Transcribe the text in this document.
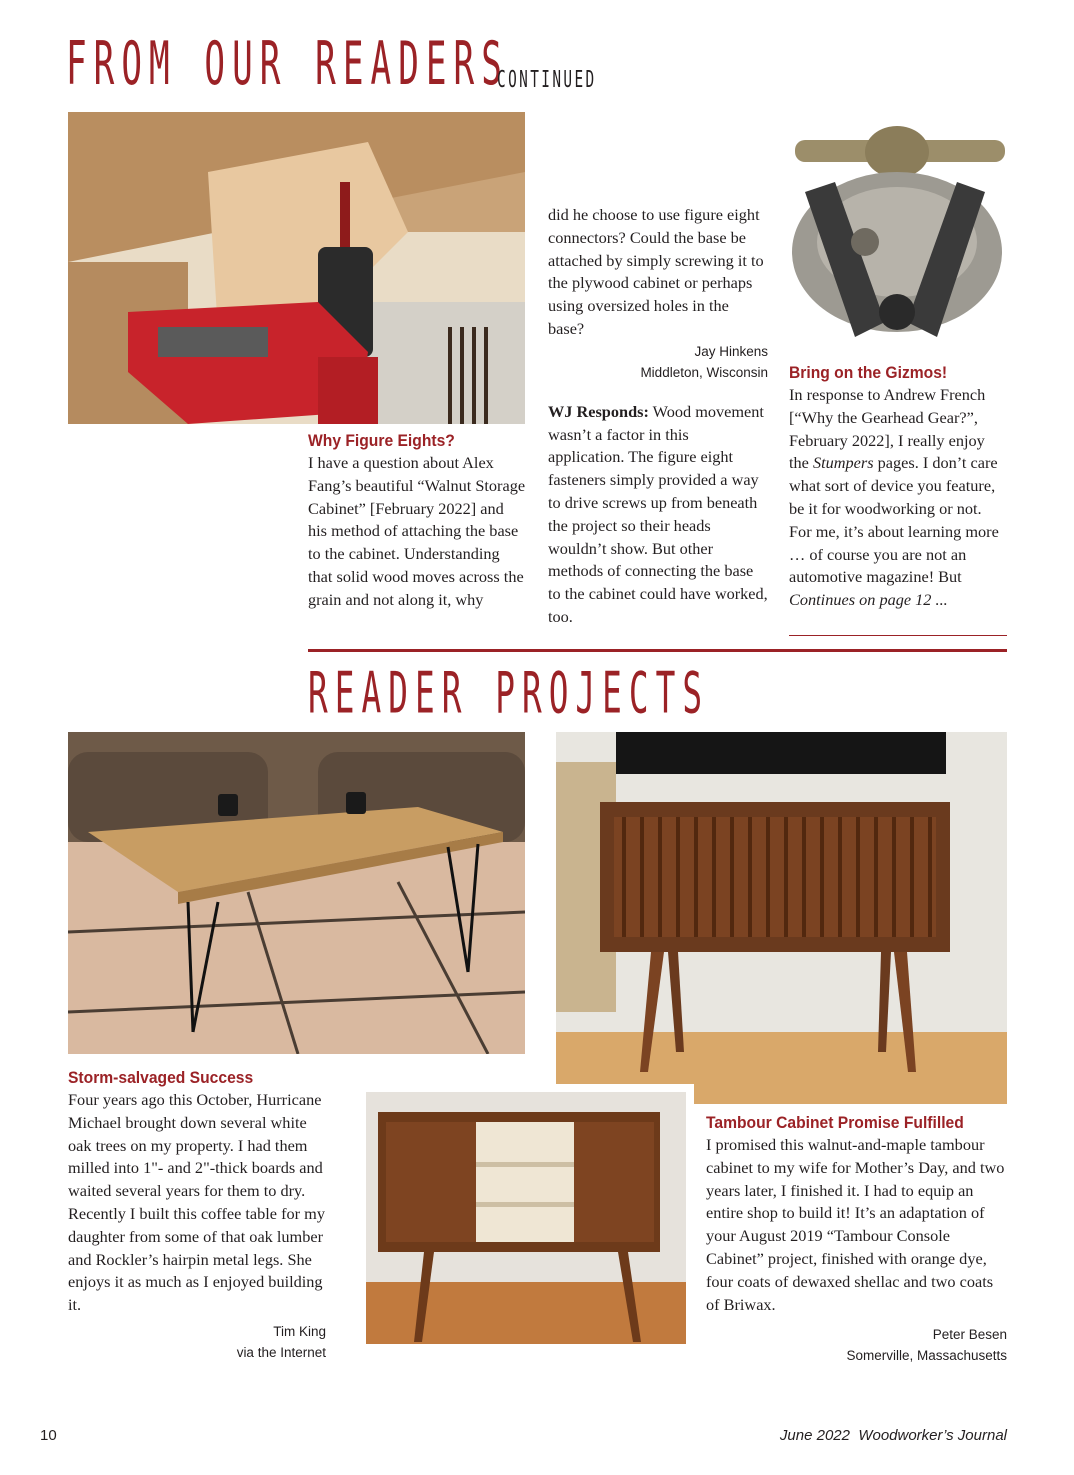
FROM OUR READERS
CONTINUED
Why Figure Eights?

I have a question about Alex Fang’s beautiful “Walnut Storage Cabinet” [February 2022] and his method of attaching the base to the cabinet. Understanding that solid wood moves across the grain and not along it, why

did he choose to use figure eight connectors? Could the base be attached by simply screwing it to the plywood cabinet or perhaps using oversized holes in the base?

Jay Hinkens
Middleton, Wisconsin

WJ Responds: Wood movement wasn’t a factor in this application. The figure eight fasteners simply provided a way to drive screws up from beneath the project so their heads wouldn’t show. But other methods of connecting the base to the cabinet could have worked, too.

Bring on the Gizmos!

In response to Andrew French [“Why the Gearhead Gear?”, February 2022], I really enjoy the Stumpers pages. I don’t care what sort of device you feature, be it for woodworking or not. For me, it’s about learning more … of course you are not an automotive magazine! But

Continues on page 12 ...

READER PROJECTS
Storm-salvaged Success

Four years ago this October, Hurricane Michael brought down several white oak trees on my property. I had them milled into 1"- and 2"-thick boards and waited several years for them to dry. Recently I built this coffee table for my daughter from some of that oak lumber and Rockler’s hairpin metal legs. She enjoys it as much as I enjoyed building it.

Tim King
via the Internet
Tambour Cabinet Promise Fulfilled

I promised this walnut-and-maple tambour cabinet to my wife for Mother’s Day, and two years later, I finished it. I had to equip an entire shop to build it! It’s an adaptation of your August 2019 “Tambour Console Cabinet” project, finished with orange dye, four coats of dewaxed shellac and two coats of Briwax.

Peter Besen
Somerville, Massachusetts
10	June 2022  Woodworker’s Journal
